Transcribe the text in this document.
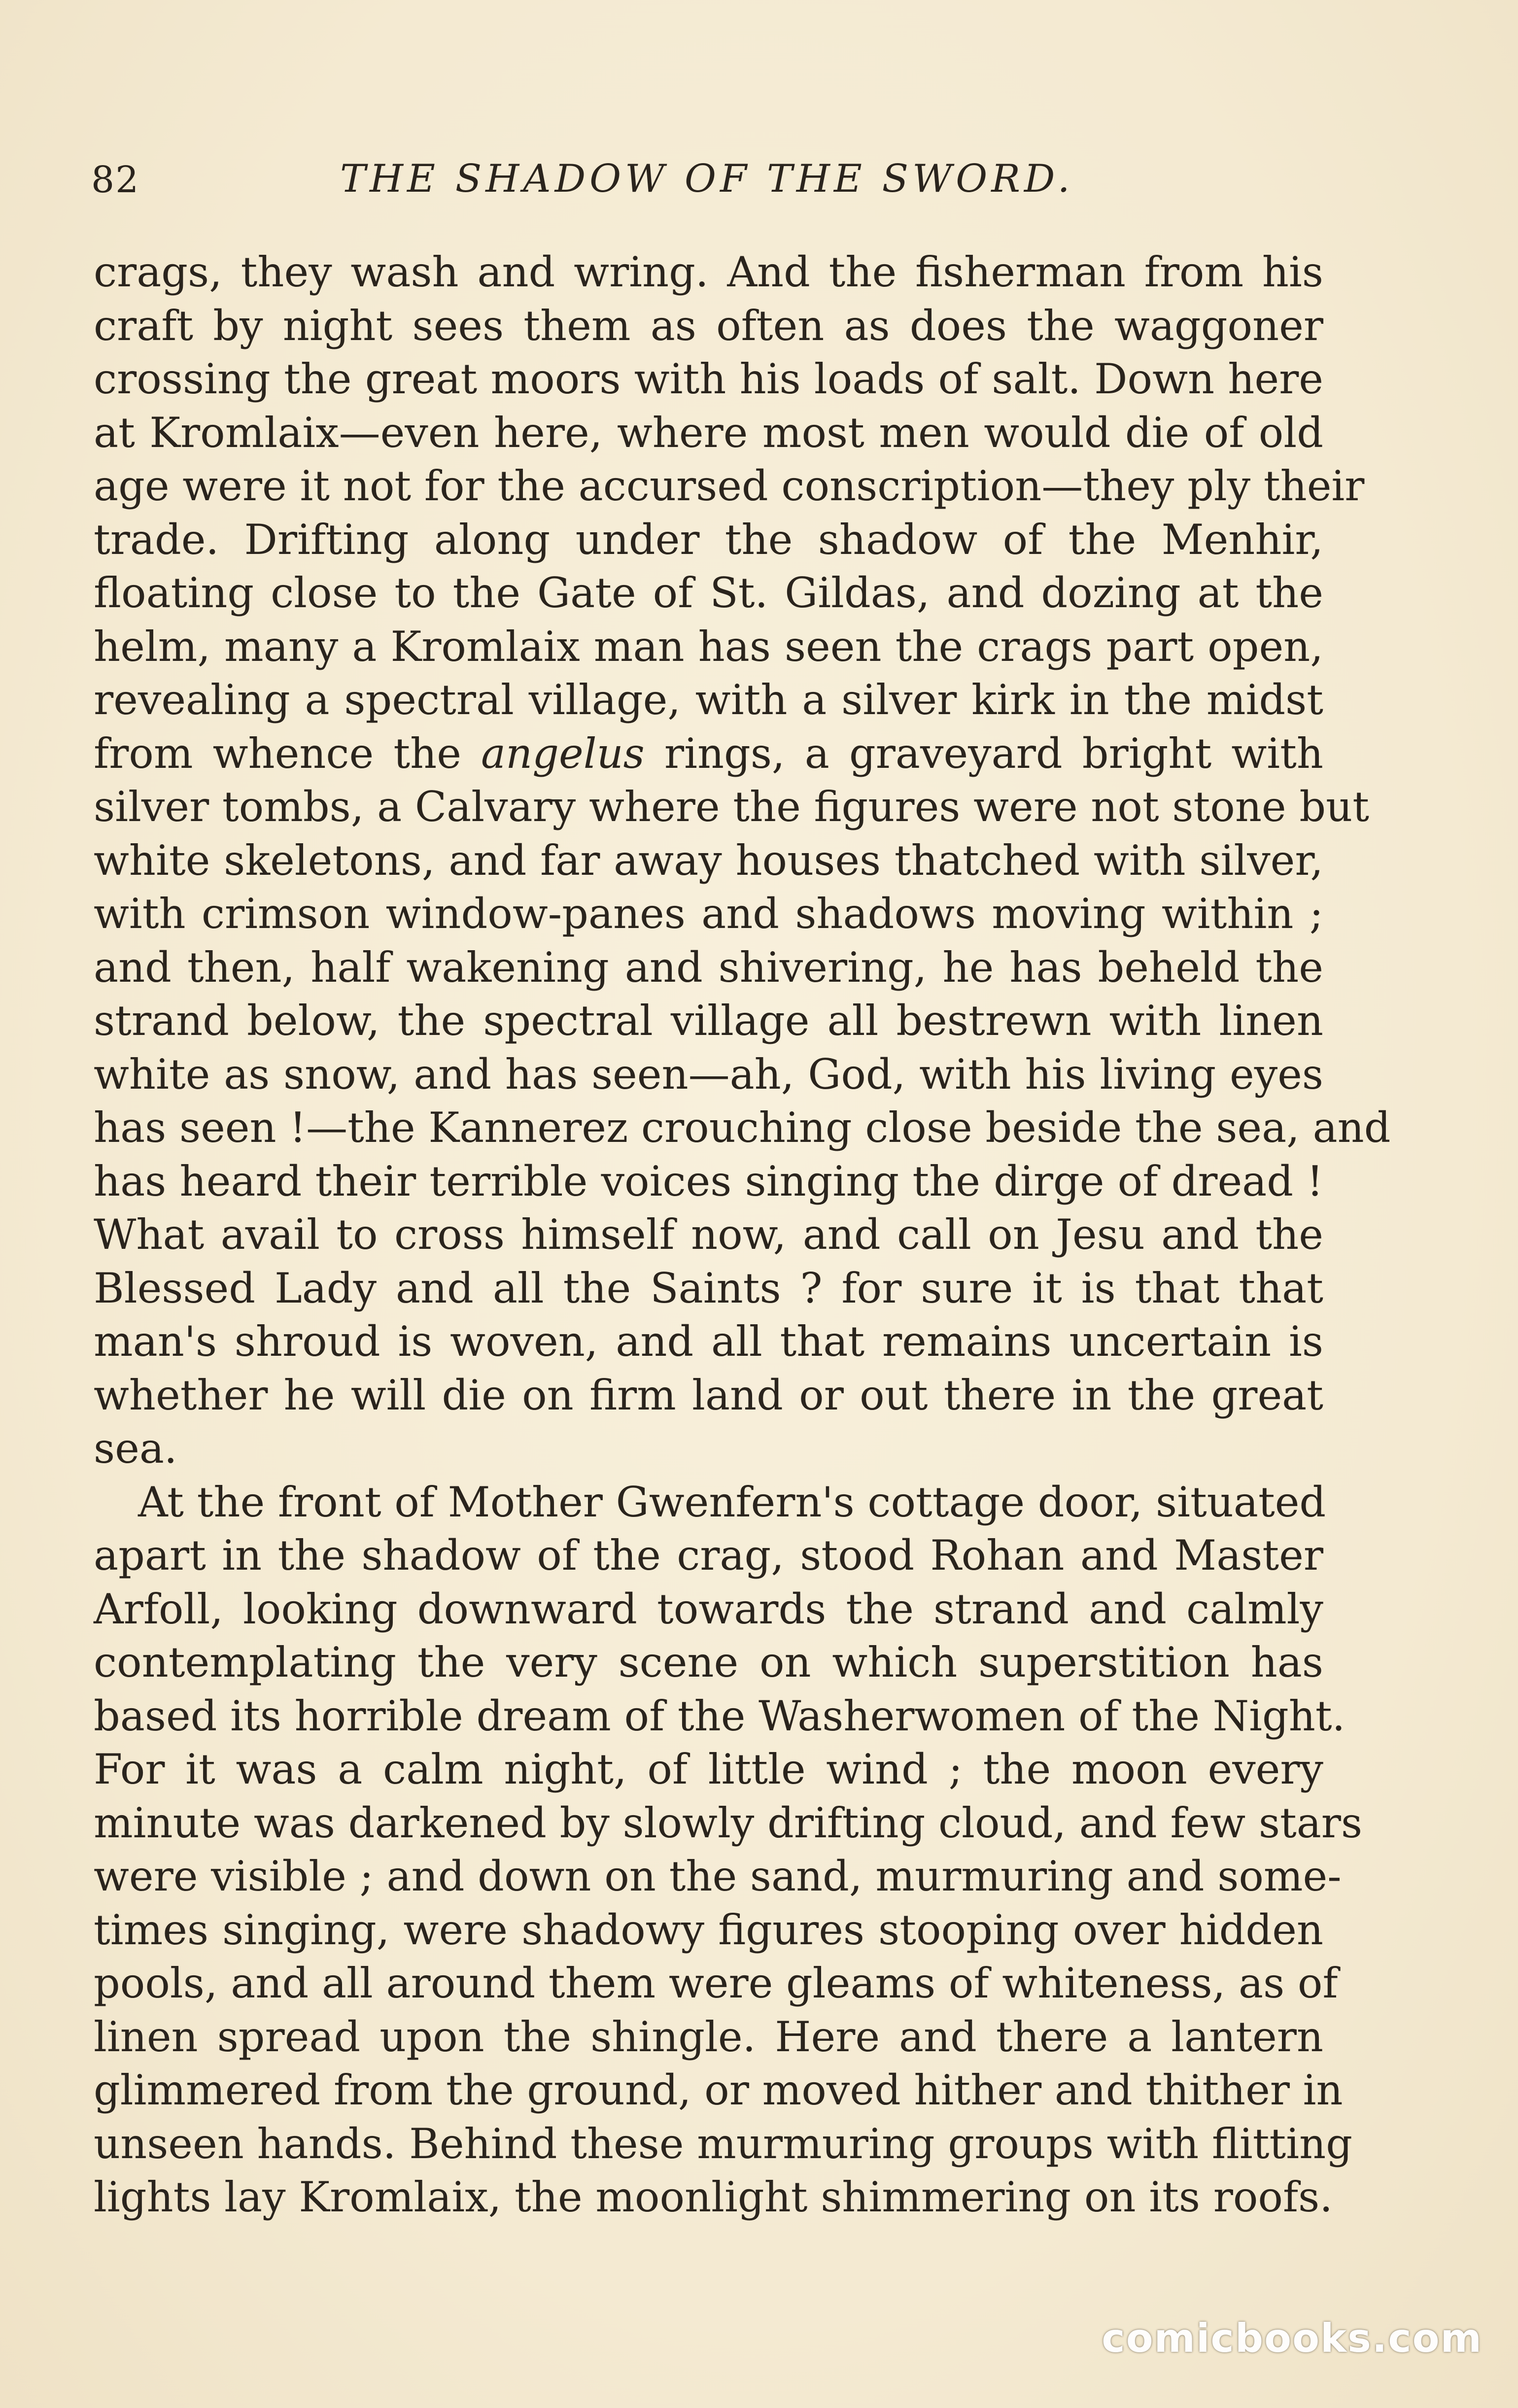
82	THE SHADOW OF THE SWORD.

crags, they wash and wring. And the fisherman from his
craft by night sees them as often as does the waggoner
crossing the great moors with his loads of salt. Down here
at Kromlaix—even here, where most men would die of old
age were it not for the accursed conscription—they ply their
trade. Drifting along under the shadow of the Menhir,
floating close to the Gate of St. Gildas, and dozing at the
helm, many a Kromlaix man has seen the crags part open,
revealing a spectral village, with a silver kirk in the midst
from whence the angelus rings, a graveyard bright with
silver tombs, a Calvary where the figures were not stone but
white skeletons, and far away houses thatched with silver,
with crimson window-panes and shadows moving within ;
and then, half wakening and shivering, he has beheld the
strand below, the spectral village all bestrewn with linen
white as snow, and has seen—ah, God, with his living eyes
has seen !—the Kannerez crouching close beside the sea, and
has heard their terrible voices singing the dirge of dread !
What avail to cross himself now, and call on Jesu and the
Blessed Lady and all the Saints ? for sure it is that that
man's shroud is woven, and all that remains uncertain is
whether he will die on firm land or out there in the great
sea.

At the front of Mother Gwenfern's cottage door, situated
apart in the shadow of the crag, stood Rohan and Master
Arfoll, looking downward towards the strand and calmly
contemplating the very scene on which superstition has
based its horrible dream of the Washerwomen of the Night.
For it was a calm night, of little wind ; the moon every
minute was darkened by slowly drifting cloud, and few stars
were visible ; and down on the sand, murmuring and some-
times singing, were shadowy figures stooping over hidden
pools, and all around them were gleams of whiteness, as of
linen spread upon the shingle. Here and there a lantern
glimmered from the ground, or moved hither and thither in
unseen hands. Behind these murmuring groups with flitting
lights lay Kromlaix, the moonlight shimmering on its roofs.

comicbooks.com
